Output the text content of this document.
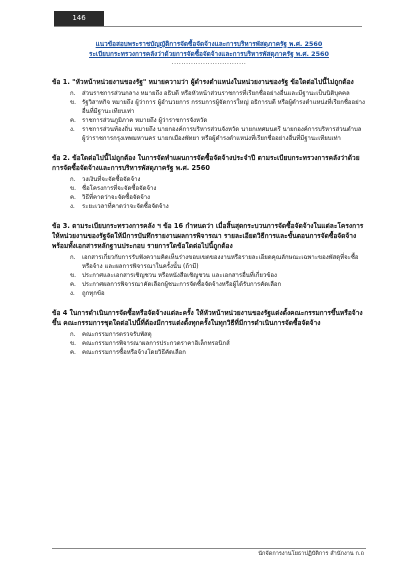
146
แนวข้อสอบพระราชบัญญัติการจัดซื้อจัดจ้างและการบริหารพัสดุภาครัฐ พ.ศ. 2560
ระเบียบกระทรวงการคลังว่าด้วยการจัดซื้อจัดจ้างและการบริหารพัสดุภาครัฐ พ.ศ. 2560
...............................
ข้อ 1. "หัวหน้าหน่วยงานของรัฐ" หมายความว่า ผู้ดำรงตำแหน่งในหน่วยงานของรัฐ ข้อใดต่อไปนี้ไม่ถูกต้อง
ก.	ส่วนราชการส่วนกลาง หมายถึง อธิบดี หรือหัวหน้าส่วนราชการที่เรียกชื่ออย่างอื่นและมีฐานะเป็นนิติบุคคล
ข. รัฐวิสาหกิจ หมายถึง ผู้ว่าการ ผู้อำนวยการ กรรมการผู้จัดการใหญ่ อธิการบดี หรือผู้ดำรงตำแหน่งที่เรียกชื่ออย่างอื่นที่มีฐานะเทียบเท่า
ค.	ราชการส่วนภูมิภาค หมายถึง ผู้ว่าราชการจังหวัด
ง.	ราชการส่วนท้องถิ่น หมายถึง นายกองค์การบริหารส่วนจังหวัด นายกเทศมนตรี นายกองค์การบริหารส่วนตำบล ผู้ว่าราชการกรุงเทพมหานคร นายกเมืองพัทยา หรือผู้ดำรงตำแหน่งที่เรียกชื่ออย่างอื่นที่มีฐานะเทียบเท่า
ข้อ 2. ข้อใดต่อไปนี้ไม่ถูกต้อง ในการจัดทำแผนการจัดซื้อจัดจ้างประจำปี ตามระเบียบกระทรวงการคลังว่าด้วยการจัดซื้อจัดจ้างและการบริหารพัสดุภาครัฐ พ.ศ. 2560
ก.	วงเงินที่จะจัดซื้อจัดจ้าง
ข. ชื่อโครงการที่จะจัดซื้อจัดจ้าง
ค.	วิธีที่คาดว่าจะจัดซื้อจัดจ้าง
ง.	ระยะเวลาที่คาดว่าจะจัดซื้อจัดจ้าง
ข้อ 3. ตามระเบียบกระทรวงการคลัง ฯ ข้อ 16 กำหนดว่า เมื่อสิ้นสุดกระบวนการจัดซื้อจัดจ้างในแต่ละโครงการ ให้หน่วยงานของรัฐจัดให้มีการบันทึกรายงานผลการพิจารณา รายละเอียดวิธีการและขั้นตอนการจัดซื้อจัดจ้างพร้อมทั้งเอกสารหลักฐานประกอบ รายการใดข้อใดต่อไปนี้ถูกต้อง
ก.	เอกสารเกี่ยวกับการรับฟังความคิดเห็นร่างขอบเขตของงานหรือรายละเอียดคุณลักษณะเฉพาะของพัสดุที่จะซื้อหรือจ้าง และผลการพิจารณาในครั้งนั้น (ถ้ามี)
ข. ประกาศและเอกสารเชิญชวน หรือหนังสือเชิญชวน และเอกสารอื่นที่เกี่ยวข้อง
ค.	ประกาศผลการพิจารณาคัดเลือกผู้ชนะการจัดซื้อจัดจ้างหรือผู้ได้รับการคัดเลือก
ง.	ถูกทุกข้อ
ข้อ 4 ในการดำเนินการจัดซื้อหรือจัดจ้างแต่ละครั้ง ให้หัวหน้าหน่วยงานของรัฐแต่งตั้งคณะกรรมการขึ้นหรือจ้างขึ้น คณะกรรมการชุดใดต่อไปนี้ที่ต้องมีการแต่งตั้งทุกครั้งในทุกวิธีที่มีการดำเนินการจัดซื้อจัดจ้าง
ก.	คณะกรรมการตรวจรับพัสดุ
ข. คณะกรรมการพิจารณาผลการประกวดราคาอิเล็กทรอนิกส์
ค.	คณะกรรมการซื้อหรือจ้างโดยวิธีคัดเลือก
นักจัดการงานโยธาปฏิบัติการ สำนักงาน ก.ถ
